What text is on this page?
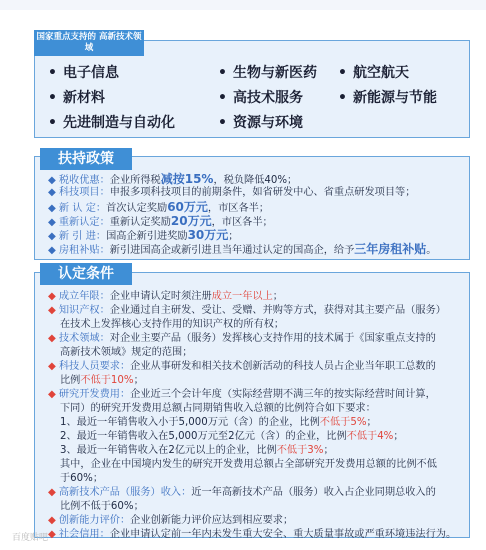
国家重点支持的 高新技术领域
• 电子信息	• 生物与新医药 • 航空航天
• 新材料	• 高技术服务	• 新能源与节能
• 先进制造与自动化	• 资源与环境
扶持政策
◆ 税收优惠：企业所得税减按15%，税负降低40%；
◆ 科技项目：申报多项科技项目的前期条件，如省研发中心、省重点研发项目等；
◆ 新 认 定：首次认定奖励60万元，市区各半；
◆ 重新认定：重新认定奖励20万元，市区各半；
◆ 新 引 进：国高企新引进奖励30万元；
◆ 房租补贴：新引进国高企或新引进且当年通过认定的国高企，给予三年房租补贴。
认定条件
◆ 成立年限：企业申请认定时须注册成立一年以上；
◆ 知识产权：企业通过自主研发、受让、受赠、并购等方式，获得对其主要产品（服务）
在技术上发挥核心支持作用的知识产权的所有权；
◆ 技术领域：对企业主要产品（服务）发挥核心支持作用的技术属于《国家重点支持的
高新技术领域》规定的范围；
◆ 科技人员要求：企业从事研发和相关技术创新活动的科技人员占企业当年职工总数的
比例不低于10%；
◆ 研究开发费用：企业近三个会计年度（实际经营期不满三年的按实际经营时间计算，
下同）的研究开发费用总额占同期销售收入总额的比例符合如下要求：
1、最近一年销售收入小于5,000万元（含）的企业，比例不低于5%；
2、最近一年销售收入在5,000万元至2亿元（含）的企业，比例不低于4%；
3、最近一年销售收入在2亿元以上的企业，比例不低于3%；
其中，企业在中国境内发生的研究开发费用总额占全部研究开发费用总额的比例不低
于60%；
◆ 高新技术产品（服务）收入：近一年高新技术产品（服务）收入占企业同期总收入的
比例不低于60%；
◆ 创新能力评价：企业创新能力评价应达到相应要求；
◆ 社会信用：企业申请认定前一年内未发生重大安全、重大质量事故或严重环境违法行为。
百度贴吧
